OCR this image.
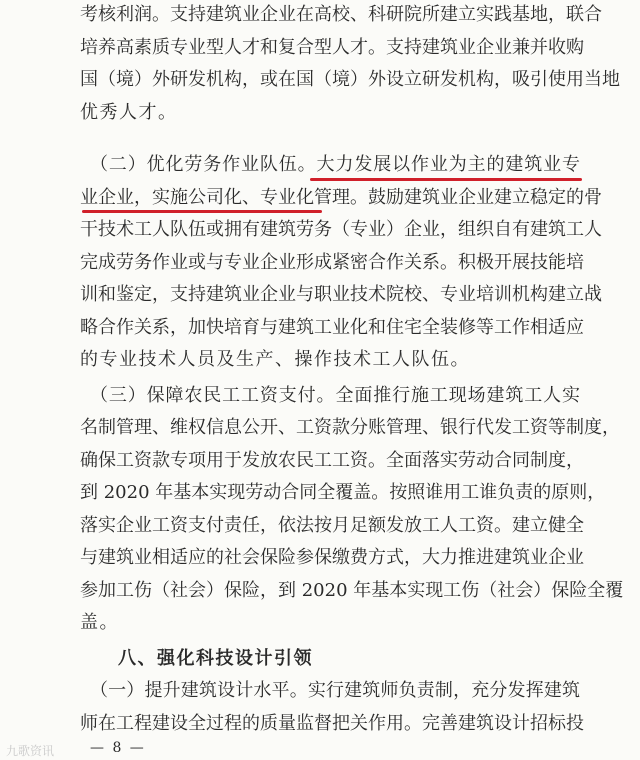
考核利润。支持建筑业企业在高校、科研院所建立实践基地，联合
培养高素质专业型人才和复合型人才。支持建筑业企业兼并收购
国（境）外研发机构，或在国（境）外设立研发机构，吸引使用当地
优秀人才。
（二）优化劳务作业队伍。大力发展以作业为主的建筑业专
业企业，实施公司化、专业化管理。鼓励建筑业企业建立稳定的骨
干技术工人队伍或拥有建筑劳务（专业）企业，组织自有建筑工人
完成劳务作业或与专业企业形成紧密合作关系。积极开展技能培
训和鉴定，支持建筑业企业与职业技术院校、专业培训机构建立战
略合作关系，加快培育与建筑工业化和住宅全装修等工作相适应
的专业技术人员及生产、操作技术工人队伍。
（三）保障农民工工资支付。全面推行施工现场建筑工人实
名制管理、维权信息公开、工资款分账管理、银行代发工资等制度，
确保工资款专项用于发放农民工工资。全面落实劳动合同制度，
到 2020 年基本实现劳动合同全覆盖。按照谁用工谁负责的原则，
落实企业工资支付责任，依法按月足额发放工人工资。建立健全
与建筑业相适应的社会保险参保缴费方式，大力推进建筑业企业
参加工伤（社会）保险，到 2020 年基本实现工伤（社会）保险全覆
盖。
八、强化科技设计引领
（一）提升建筑设计水平。实行建筑师负责制，充分发挥建筑
师在工程建设全过程的质量监督把关作用。完善建筑设计招标投
— 8 —
九歌资讯
